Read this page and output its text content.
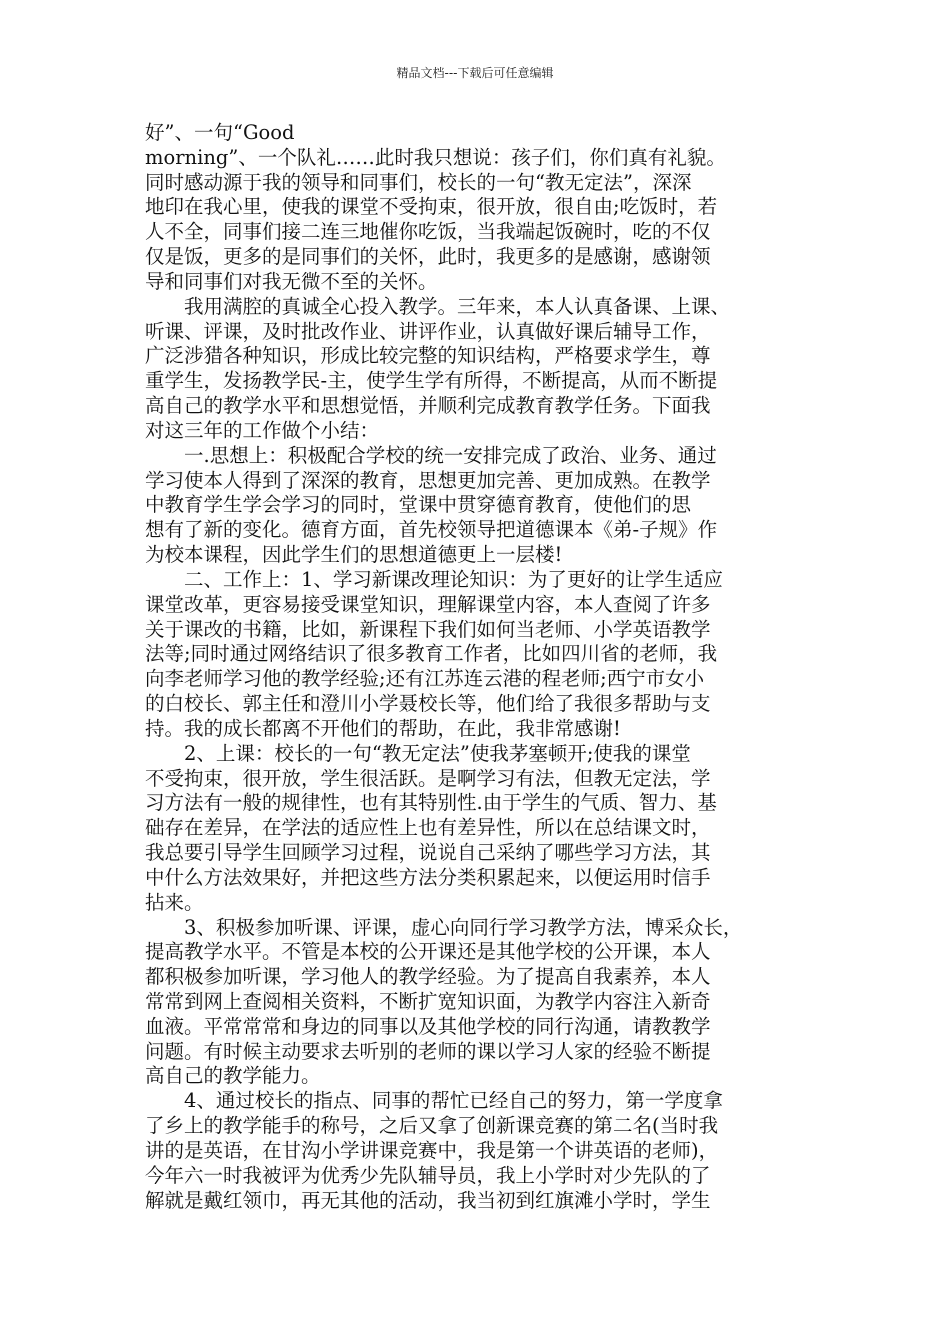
精品文档---下载后可任意编辑
好”、一句“Good
morning”、一个队礼……此时我只想说：孩子们，你们真有礼貌。
同时感动源于我的领导和同事们，校长的一句“教无定法”，深深
地印在我心里，使我的课堂不受拘束，很开放，很自由;吃饭时，若
人不全，同事们接二连三地催你吃饭，当我端起饭碗时，吃的不仅
仅是饭，更多的是同事们的关怀，此时，我更多的是感谢，感谢领
导和同事们对我无微不至的关怀。
　　我用满腔的真诚全心投入教学。三年来，本人认真备课、上课、
听课、评课，及时批改作业、讲评作业，认真做好课后辅导工作，
广泛涉猎各种知识，形成比较完整的知识结构，严格要求学生，尊
重学生，发扬教学民-主，使学生学有所得，不断提高，从而不断提
高自己的教学水平和思想觉悟，并顺利完成教育教学任务。下面我
对这三年的工作做个小结：
　　一.思想上：积极配合学校的统一安排完成了政治、业务、通过
学习使本人得到了深深的教育，思想更加完善、更加成熟。在教学
中教育学生学会学习的同时，堂课中贯穿德育教育，使他们的思
想有了新的变化。德育方面，首先校领导把道德课本《弟-子规》作
为校本课程，因此学生们的思想道德更上一层楼!
　　二、工作上：1、学习新课改理论知识：为了更好的让学生适应
课堂改革，更容易接受课堂知识，理解课堂内容，本人查阅了许多
关于课改的书籍，比如，新课程下我们如何当老师、小学英语教学
法等;同时通过网络结识了很多教育工作者，比如四川省的老师，我
向李老师学习他的教学经验;还有江苏连云港的程老师;西宁市女小
的白校长、郭主任和澄川小学聂校长等，他们给了我很多帮助与支
持。我的成长都离不开他们的帮助，在此，我非常感谢!
　　2、上课：校长的一句“教无定法”使我茅塞顿开;使我的课堂
不受拘束，很开放，学生很活跃。是啊学习有法，但教无定法，学
习方法有一般的规律性，也有其特别性.由于学生的气质、智力、基
础存在差异，在学法的适应性上也有差异性，所以在总结课文时，
我总要引导学生回顾学习过程，说说自己采纳了哪些学习方法，其
中什么方法效果好，并把这些方法分类积累起来，以便运用时信手
拈来。
　　3、积极参加听课、评课，虚心向同行学习教学方法，博采众长，
提高教学水平。不管是本校的公开课还是其他学校的公开课，本人
都积极参加听课，学习他人的教学经验。为了提高自我素养，本人
常常到网上查阅相关资料，不断扩宽知识面，为教学内容注入新奇
血液。平常常常和身边的同事以及其他学校的同行沟通，请教教学
问题。有时候主动要求去听别的老师的课以学习人家的经验不断提
高自己的教学能力。
　　4、通过校长的指点、同事的帮忙已经自己的努力，第一学度拿
了乡上的教学能手的称号，之后又拿了创新课竞赛的第二名(当时我
讲的是英语，在甘沟小学讲课竞赛中，我是第一个讲英语的老师)，
今年六一时我被评为优秀少先队辅导员，我上小学时对少先队的了
解就是戴红领巾，再无其他的活动，我当初到红旗滩小学时，学生
